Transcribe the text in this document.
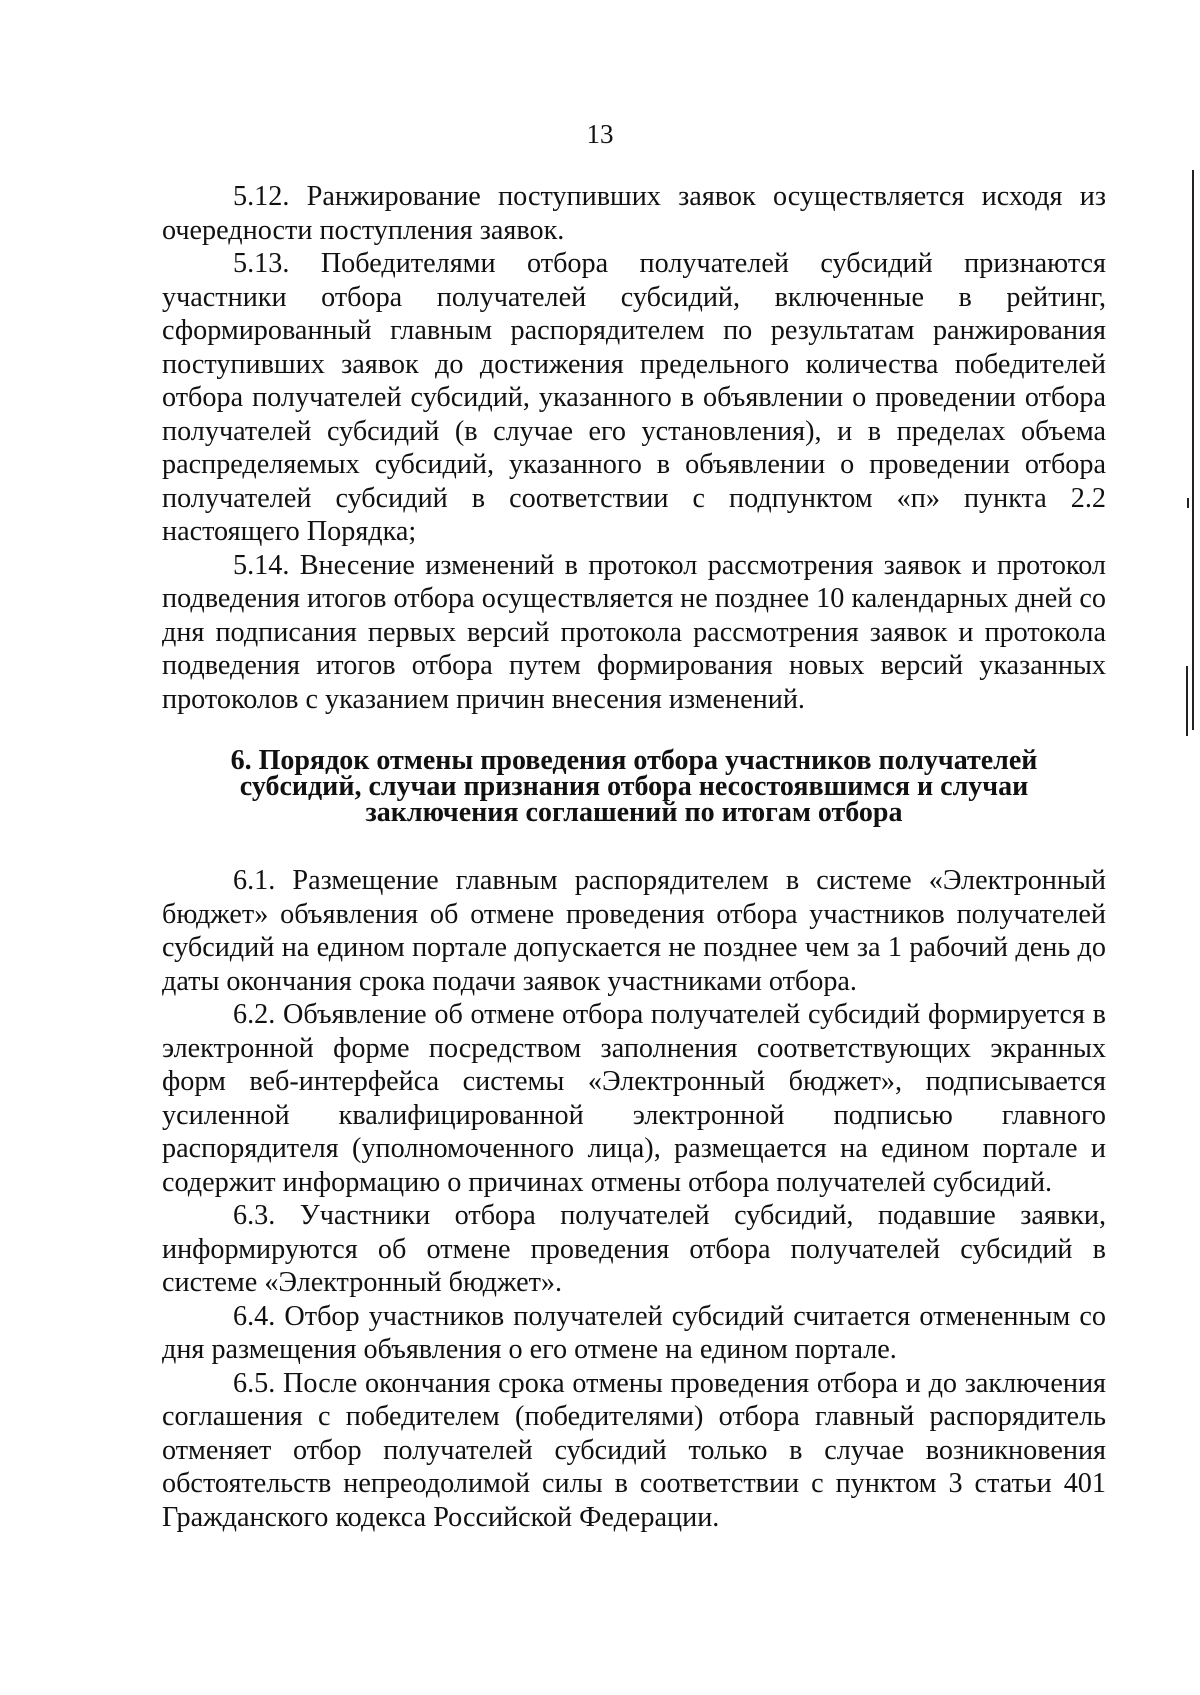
13

5.12. Ранжирование поступивших заявок осуществляется исходя из очередности поступления заявок.

5.13. Победителями отбора получателей субсидий признаются участники отбора получателей субсидий, включенные в рейтинг, сформированный главным распорядителем по результатам ранжирования поступивших заявок до достижения предельного количества победителей отбора получателей субсидий, указанного в объявлении о проведении отбора получателей субсидий (в случае его установления), и в пределах объема распределяемых субсидий, указанного в объявлении о проведении отбора получателей субсидий в соответствии с подпунктом «п» пункта 2.2 настоящего Порядка;

5.14. Внесение изменений в протокол рассмотрения заявок и протокол подведения итогов отбора осуществляется не позднее 10 календарных дней со дня подписания первых версий протокола рассмотрения заявок и протокола подведения итогов отбора путем формирования новых версий указанных протоколов с указанием причин внесения изменений.

6. Порядок отмены проведения отбора участников получателей
субсидий, случаи признания отбора несостоявшимся и случаи
заключения соглашений по итогам отбора

6.1. Размещение главным распорядителем в системе «Электронный бюджет» объявления об отмене проведения отбора участников получателей субсидий на едином портале допускается не позднее чем за 1 рабочий день до даты окончания срока подачи заявок участниками отбора.

6.2. Объявление об отмене отбора получателей субсидий формируется в электронной форме посредством заполнения соответствующих экранных форм веб-интерфейса системы «Электронный бюджет», подписывается усиленной квалифицированной электронной подписью главного распорядителя (уполномоченного лица), размещается на едином портале и содержит информацию о причинах отмены отбора получателей субсидий.

6.3. Участники отбора получателей субсидий, подавшие заявки, информируются об отмене проведения отбора получателей субсидий в системе «Электронный бюджет».

6.4. Отбор участников получателей субсидий считается отмененным со дня размещения объявления о его отмене на едином портале.

6.5. После окончания срока отмены проведения отбора и до заключения соглашения с победителем (победителями) отбора главный распорядитель отменяет отбор получателей субсидий только в случае возникновения обстоятельств непреодолимой силы в соответствии с пунктом 3 статьи 401 Гражданского кодекса Российской Федерации.
